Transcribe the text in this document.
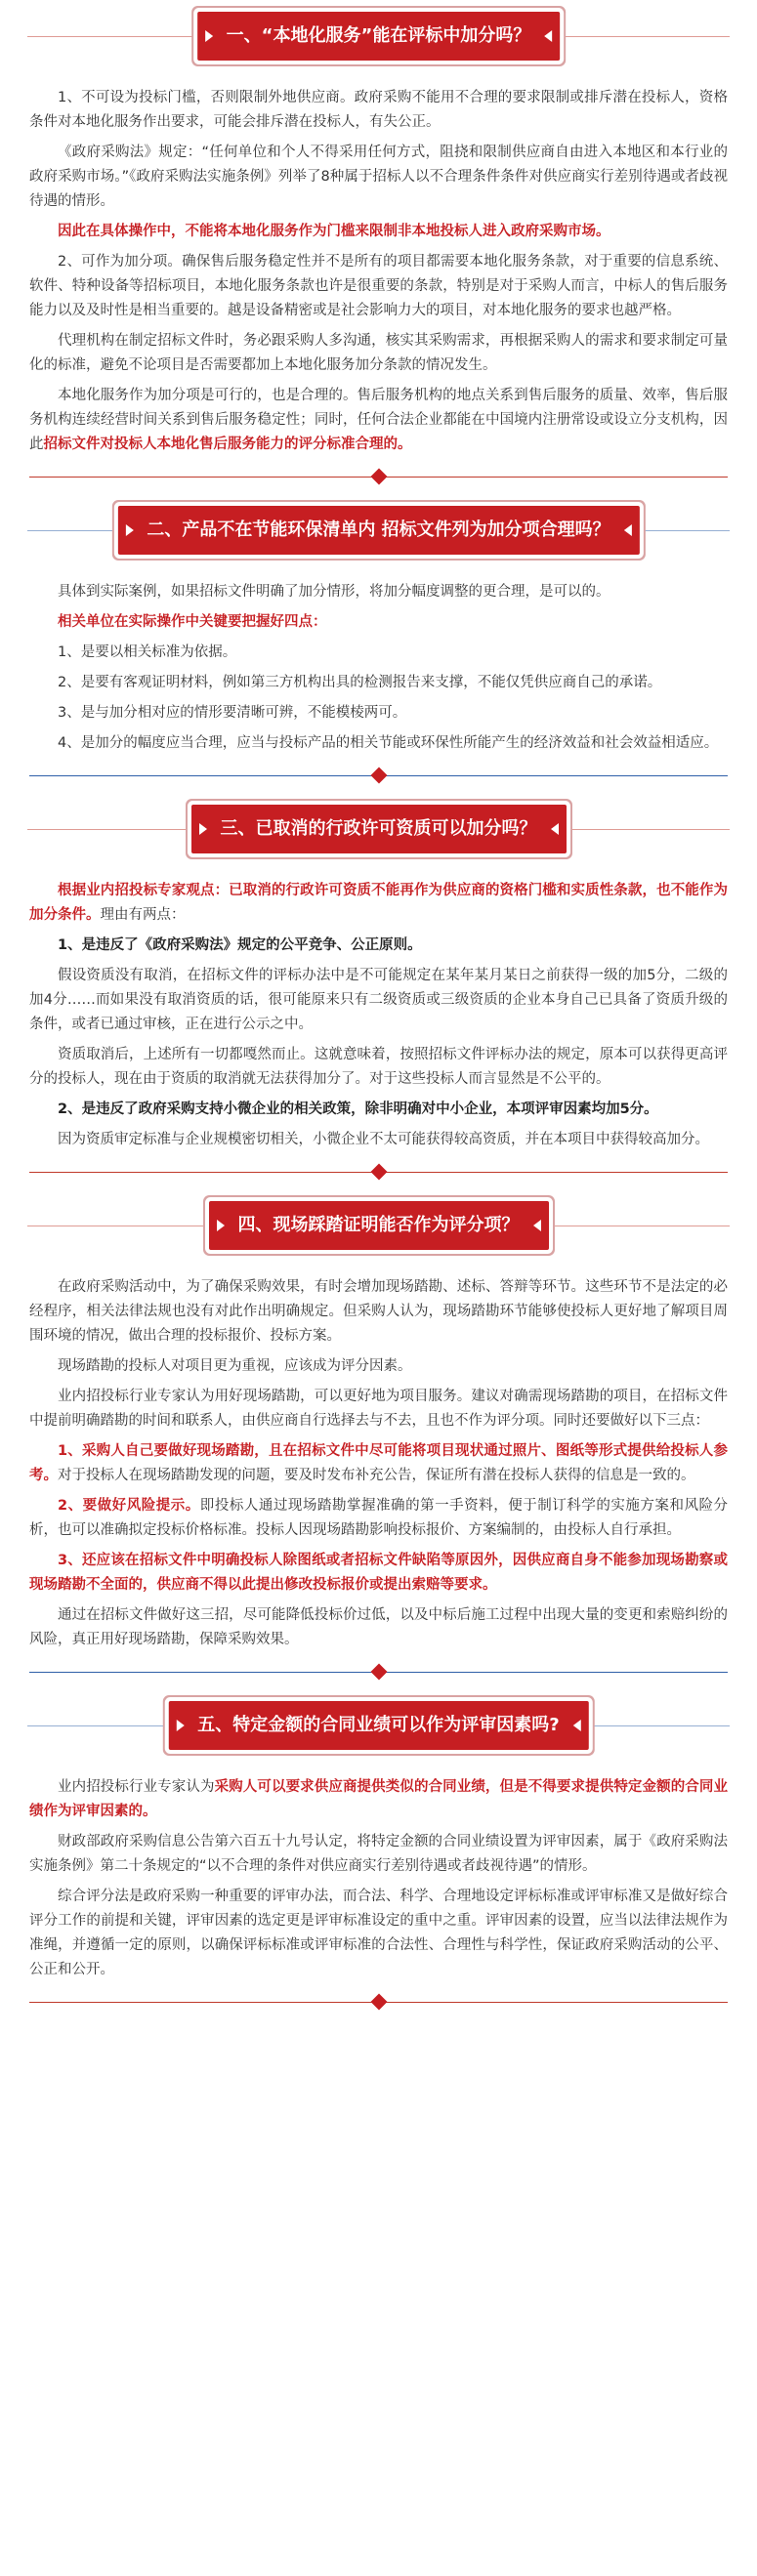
一、“本地化服务”能在评标中加分吗？

1、不可设为投标门槛，否则限制外地供应商。政府采购不能用不合理的要求限制或排斥潜在投标人，资格条件对本地化服务作出要求，可能会排斥潜在投标人，有失公正。

《政府采购法》规定：“任何单位和个人不得采用任何方式，阻挠和限制供应商自由进入本地区和本行业的政府采购市场。”《政府采购法实施条例》列举了8种属于招标人以不合理条件条件对供应商实行差别待遇或者歧视待遇的情形。

因此在具体操作中，不能将本地化服务作为门槛来限制非本地投标人进入政府采购市场。

2、可作为加分项。确保售后服务稳定性并不是所有的项目都需要本地化服务条款，对于重要的信息系统、软件、特种设备等招标项目，本地化服务条款也许是很重要的条款，特别是对于采购人而言，中标人的售后服务能力以及及时性是相当重要的。越是设备精密或是社会影响力大的项目，对本地化服务的要求也越严格。

代理机构在制定招标文件时，务必跟采购人多沟通，核实其采购需求，再根据采购人的需求和要求制定可量化的标准，避免不论项目是否需要都加上本地化服务加分条款的情况发生。

本地化服务作为加分项是可行的，也是合理的。售后服务机构的地点关系到售后服务的质量、效率，售后服务机构连续经营时间关系到售后服务稳定性；同时，任何合法企业都能在中国境内注册常设或设立分支机构，因此招标文件对投标人本地化售后服务能力的评分标准合理的。

二、产品不在节能环保清单内 招标文件列为加分项合理吗？

具体到实际案例，如果招标文件明确了加分情形，将加分幅度调整的更合理，是可以的。

相关单位在实际操作中关键要把握好四点：

1、是要以相关标准为依据。

2、是要有客观证明材料，例如第三方机构出具的检测报告来支撑，不能仅凭供应商自己的承诺。

3、是与加分相对应的情形要清晰可辨，不能模棱两可。

4、是加分的幅度应当合理，应当与投标产品的相关节能或环保性所能产生的经济效益和社会效益相适应。

三、已取消的行政许可资质可以加分吗？

根据业内招投标专家观点：已取消的行政许可资质不能再作为供应商的资格门槛和实质性条款，也不能作为加分条件。理由有两点：

1、是违反了《政府采购法》规定的公平竞争、公正原则。

假设资质没有取消，在招标文件的评标办法中是不可能规定在某年某月某日之前获得一级的加5分，二级的加4分……而如果没有取消资质的话，很可能原来只有二级资质或三级资质的企业本身自己已具备了资质升级的条件，或者已通过审核，正在进行公示之中。

资质取消后，上述所有一切都嘎然而止。这就意味着，按照招标文件评标办法的规定，原本可以获得更高评分的投标人，现在由于资质的取消就无法获得加分了。对于这些投标人而言显然是不公平的。

2、是违反了政府采购支持小微企业的相关政策，除非明确对中小企业，本项评审因素均加5分。

因为资质审定标准与企业规模密切相关，小微企业不太可能获得较高资质，并在本项目中获得较高加分。

四、现场踩踏证明能否作为评分项？

在政府采购活动中，为了确保采购效果，有时会增加现场踏勘、述标、答辩等环节。这些环节不是法定的必经程序，相关法律法规也没有对此作出明确规定。但采购人认为，现场踏勘环节能够使投标人更好地了解项目周围环境的情况，做出合理的投标报价、投标方案。

现场踏勘的投标人对项目更为重视，应该成为评分因素。

业内招投标行业专家认为用好现场踏勘，可以更好地为项目服务。建议对确需现场踏勘的项目，在招标文件中提前明确踏勘的时间和联系人，由供应商自行选择去与不去，且也不作为评分项。同时还要做好以下三点：

1、采购人自己要做好现场踏勘，且在招标文件中尽可能将项目现状通过照片、图纸等形式提供给投标人参考。对于投标人在现场踏勘发现的问题，要及时发布补充公告，保证所有潜在投标人获得的信息是一致的。

2、要做好风险提示。即投标人通过现场踏勘掌握准确的第一手资料，便于制订科学的实施方案和风险分析，也可以准确拟定投标价格标准。投标人因现场踏勘影响投标报价、方案编制的，由投标人自行承担。

3、还应该在招标文件中明确投标人除图纸或者招标文件缺陷等原因外，因供应商自身不能参加现场勘察或现场踏勘不全面的，供应商不得以此提出修改投标报价或提出索赔等要求。

通过在招标文件做好这三招，尽可能降低投标价过低，以及中标后施工过程中出现大量的变更和索赔纠纷的风险，真正用好现场踏勘，保障采购效果。

五、特定金额的合同业绩可以作为评审因素吗?

业内招投标行业专家认为采购人可以要求供应商提供类似的合同业绩，但是不得要求提供特定金额的合同业绩作为评审因素的。

财政部政府采购信息公告第六百五十九号认定，将特定金额的合同业绩设置为评审因素，属于《政府采购法实施条例》第二十条规定的“以不合理的条件对供应商实行差别待遇或者歧视待遇”的情形。

综合评分法是政府采购一种重要的评审办法，而合法、科学、合理地设定评标标准或评审标准又是做好综合评分工作的前提和关键，评审因素的选定更是评审标准设定的重中之重。评审因素的设置，应当以法律法规作为准绳，并遵循一定的原则，以确保评标标准或评审标准的合法性、合理性与科学性，保证政府采购活动的公平、公正和公开。
